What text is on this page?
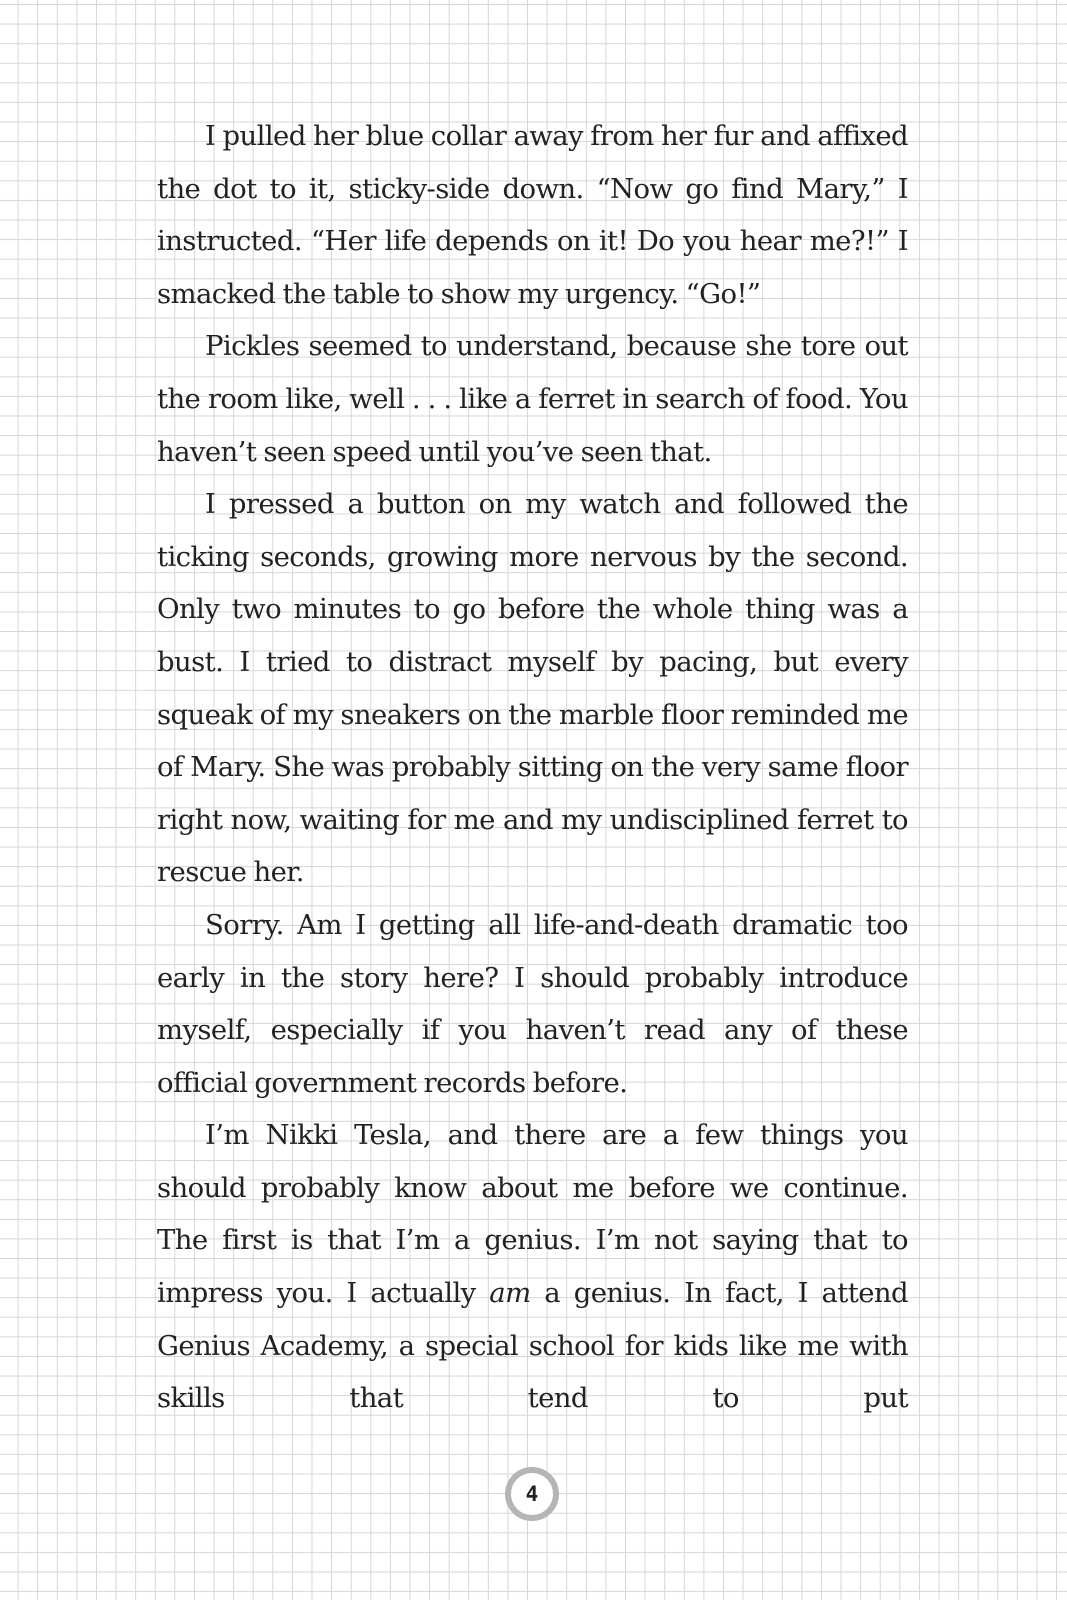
I pulled her blue collar away from her fur and affixed the dot to it, sticky-side down. “Now go find Mary,” I instructed. “Her life depends on it! Do you hear me?!” I smacked the table to show my urgency. “Go!”

Pickles seemed to understand, because she tore out the room like, well . . . like a ferret in search of food. You haven’t seen speed until you’ve seen that.

I pressed a button on my watch and followed the ticking seconds, growing more nervous by the second. Only two minutes to go before the whole thing was a bust. I tried to distract myself by pacing, but every squeak of my sneakers on the marble floor reminded me of Mary. She was probably sitting on the very same floor right now, waiting for me and my undisciplined ferret to rescue her.

Sorry. Am I getting all life-and-death dramatic too early in the story here? I should probably introduce myself, especially if you haven’t read any of these official government records before.

I’m Nikki Tesla, and there are a few things you should probably know about me before we continue. The first is that I’m a genius. I’m not saying that to impress you. I actually am a genius. In fact, I attend Genius Academy, a special school for kids like me with skills that tend to put

4
